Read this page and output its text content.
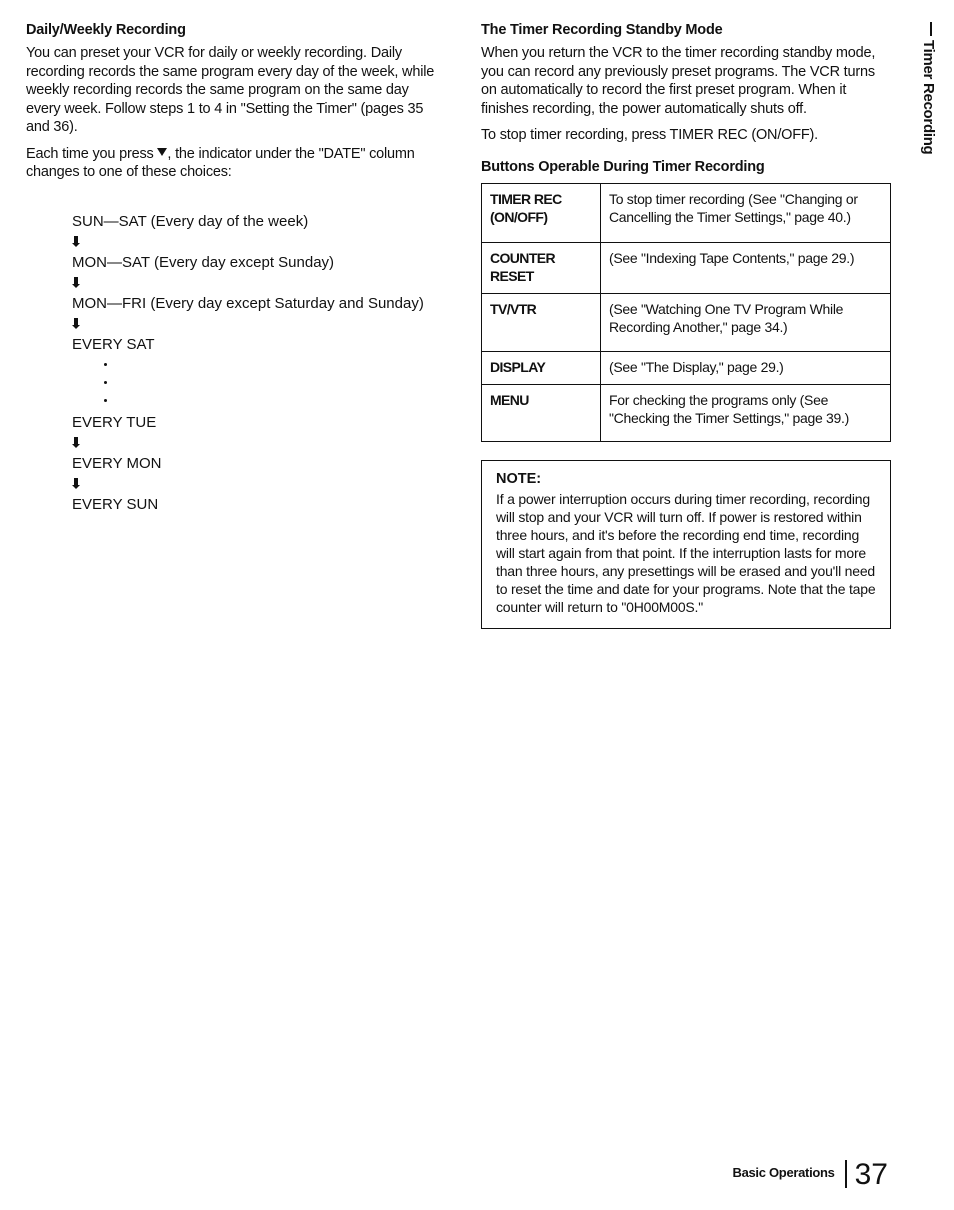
Daily/Weekly Recording

You can preset your VCR for daily or weekly recording. Daily recording records the same program every day of the week, while weekly recording records the same program on the same day every week. Follow steps 1 to 4 in "Setting the Timer" (pages 35 and 36).

Each time you press , the indicator under the "DATE" column changes to one of these choices:

SUN—SAT (Every day of the week)
MON—SAT (Every day except Sunday)
MON—FRI (Every day except Saturday and Sunday)
EVERY SAT
EVERY TUE
EVERY MON
EVERY SUN
The Timer Recording Standby Mode

When you return the VCR to the timer recording standby mode, you can record any previously preset programs. The VCR turns on automatically to record the first preset program. When it finishes recording, the power automatically shuts off.

To stop timer recording, press TIMER REC (ON/OFF).

Buttons Operable During Timer Recording
TIMER REC (ON/OFF)	To stop timer recording (See "Changing or Cancelling the Timer Settings," page 40.)
COUNTER RESET	(See "Indexing Tape Contents," page 29.)
TV/VTR	(See "Watching One TV Program While Recording Another," page 34.)
DISPLAY	(See "The Display," page 29.)
MENU	For checking the programs only (See "Checking the Timer Settings," page 39.)
NOTE:

If a power interruption occurs during timer recording, recording will stop and your VCR will turn off. If power is restored within three hours, and it's before the recording end time, recording will start again from that point. If the interruption lasts for more than three hours, any presettings will be erased and you'll need to reset the time and date for your programs. Note that the tape counter will return to "0H00M00S."

Timer Recording
Basic Operations 37
